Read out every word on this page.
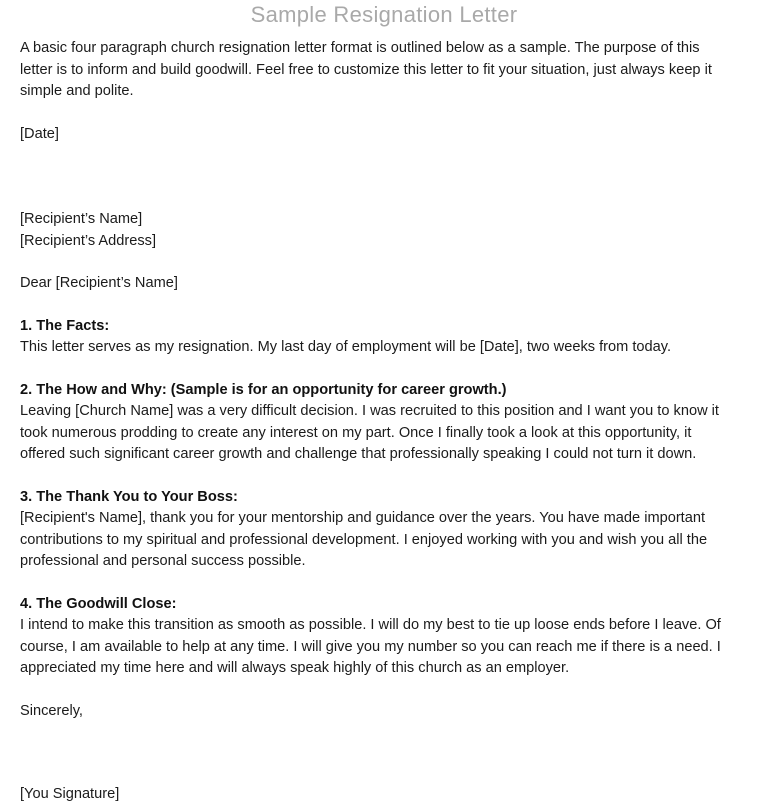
Sample Resignation Letter

A basic four paragraph church resignation letter format is outlined below as a sample. The purpose of this letter is to inform and build goodwill. Feel free to customize this letter to fit your situation, just always keep it simple and polite.

[Date]

[Recipient’s Name]

[Recipient’s Address]

Dear [Recipient’s Name]

1. The Facts:

This letter serves as my resignation. My last day of employment will be [Date], two weeks from today.

2. The How and Why: (Sample is for an opportunity for career growth.)

Leaving [Church Name] was a very difficult decision. I was recruited to this position and I want you to know it took numerous prodding to create any interest on my part. Once I finally took a look at this opportunity, it offered such significant career growth and challenge that professionally speaking I could not turn it down.

3. The Thank You to Your Boss:

[Recipient's Name], thank you for your mentorship and guidance over the years. You have made important contributions to my spiritual and professional development. I enjoyed working with you and wish you all the professional and personal success possible.

4. The Goodwill Close:

I intend to make this transition as smooth as possible. I will do my best to tie up loose ends before I leave. Of course, I am available to help at any time. I will give you my number so you can reach me if there is a need. I appreciated my time here and will always speak highly of this church as an employer.

Sincerely,

[You Signature]
